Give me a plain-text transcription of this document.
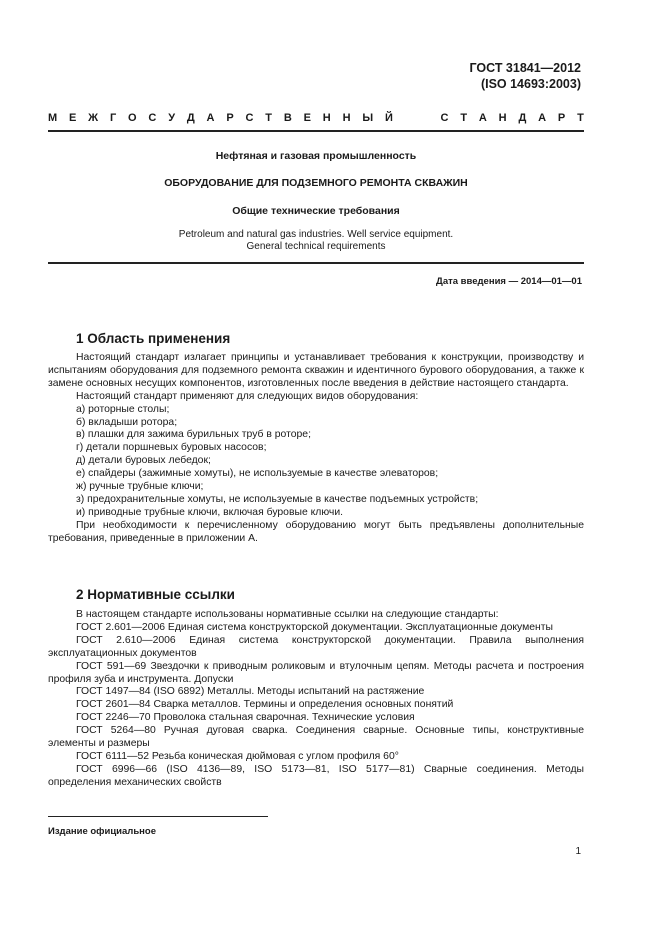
ГОСТ 31841—2012
(ISO 14693:2003)
М Е Ж Г О С У Д А Р С Т В Е Н Н Ы Й	С Т А Н Д А Р Т
Нефтяная и газовая промышленность
ОБОРУДОВАНИЕ ДЛЯ ПОДЗЕМНОГО РЕМОНТА СКВАЖИН
Общие технические требования
Petroleum and natural gas industries. Well service equipment.
General technical requirements
Дата введения — 2014—01—01
1 Область применения

Настоящий стандарт излагает принципы и устанавливает требования к конструкции, производству и испытаниям оборудования для подземного ремонта скважин и идентичного бурового оборудования, а также к замене основных несущих компонентов, изготовленных после введения в действие настоящего стандарта.

Настоящий стандарт применяют для следующих видов оборудования:

а) роторные столы;

б) вкладыши ротора;

в) плашки для зажима бурильных труб в роторе;

г) детали поршневых буровых насосов;

д) детали буровых лебедок;

е) спайдеры (зажимные хомуты), не используемые в качестве элеваторов;

ж) ручные трубные ключи;

з) предохранительные хомуты, не используемые в качестве подъемных устройств;

и) приводные трубные ключи, включая буровые ключи.

При необходимости к перечисленному оборудованию могут быть предъявлены дополнительные требования, приведенные в приложении А.

2 Нормативные ссылки

В настоящем стандарте использованы нормативные ссылки на следующие стандарты:

ГОСТ 2.601—2006 Единая система конструкторской документации. Эксплуатационные документы

ГОСТ 2.610—2006 Единая система конструкторской документации. Правила выполнения эксплуатационных документов

ГОСТ 591—69 Звездочки к приводным роликовым и втулочным цепям. Методы расчета и построения профиля зуба и инструмента. Допуски

ГОСТ 1497—84 (ISO 6892) Металлы. Методы испытаний на растяжение

ГОСТ 2601—84 Сварка металлов. Термины и определения основных понятий

ГОСТ 2246—70 Проволока стальная сварочная. Технические условия

ГОСТ 5264—80 Ручная дуговая сварка. Соединения сварные. Основные типы, конструктивные элементы и размеры

ГОСТ 6111—52 Резьба коническая дюймовая с углом профиля 60°

ГОСТ 6996—66 (ISO 4136—89, ISO 5173—81, ISO 5177—81) Сварные соединения. Методы определения механических свойств

Издание официальное
1
